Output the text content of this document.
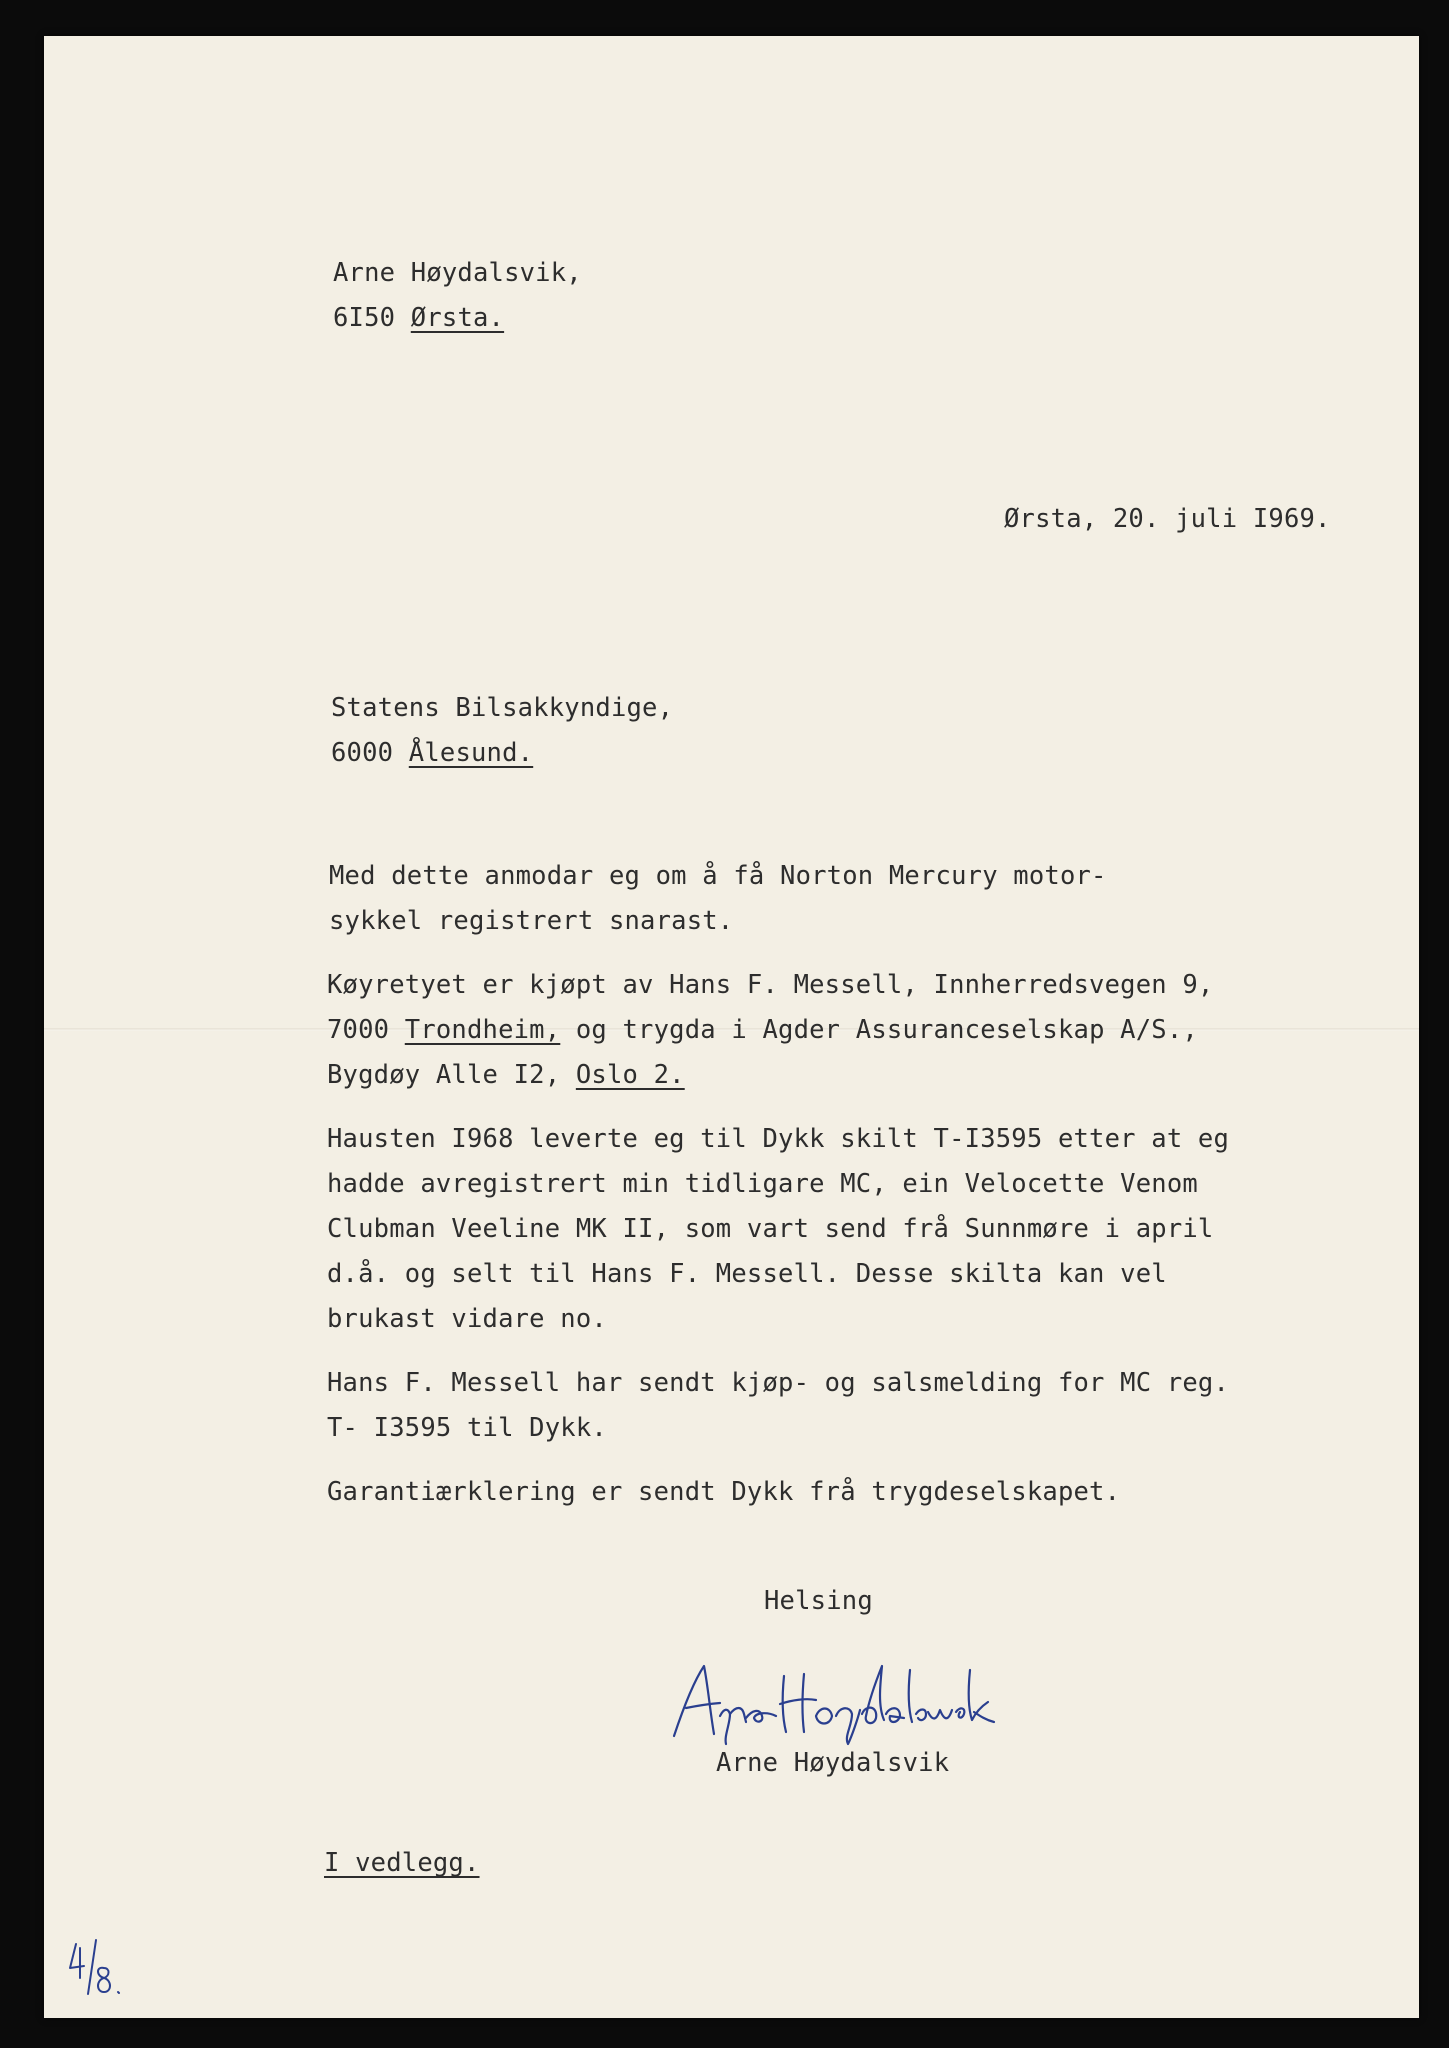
Arne Høydalsvik,
6I50 Ørsta.
Ørsta, 20. juli I969.
Statens Bilsakkyndige,
6000 Ålesund.
Med dette anmodar eg om å få Norton Mercury motor-
sykkel registrert snarast.
Køyretyet er kjøpt av Hans F. Messell, Innherredsvegen 9,
7000 Trondheim, og trygda i Agder Assuranceselskap A/S.,
Bygdøy Alle I2, Oslo 2.
Hausten I968 leverte eg til Dykk skilt T-I3595 etter at eg
hadde avregistrert min tidligare MC, ein Velocette Venom
Clubman Veeline MK II, som vart send frå Sunnmøre i april
d.å. og selt til Hans F. Messell. Desse skilta kan vel
brukast vidare no.
Hans F. Messell har sendt kjøp- og salsmelding for MC reg.
T- I3595 til Dykk.
Garantiærklering er sendt Dykk frå trygdeselskapet.
Helsing
Arne Høydalsvik
I vedlegg.
